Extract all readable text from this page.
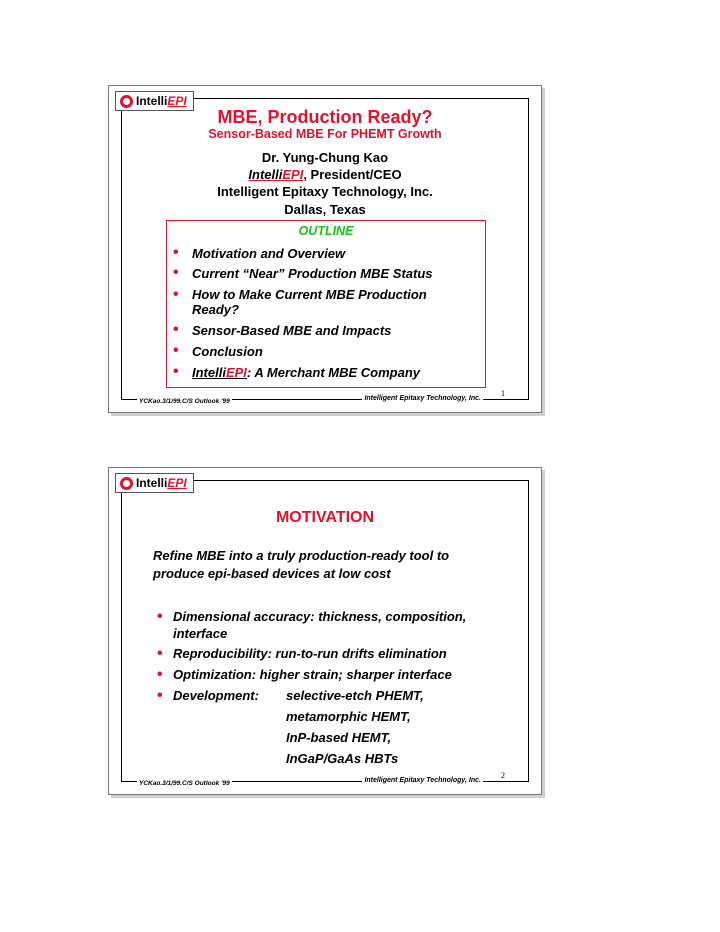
Intelli EPI
MBE, Production Ready?
Sensor-Based MBE For PHEMT Growth
Dr. Yung-Chung Kao
IntelliEPI, President/CEO
Intelligent Epitaxy Technology, Inc.
Dallas, Texas
OUTLINE
• Motivation and Overview
• Current “Near” Production MBE Status
• How to Make Current MBE Production Ready?
• Sensor-Based MBE and Impacts
• Conclusion
• IntelliEPI: A Merchant MBE Company
YCKao.3/1/99.C/S Outlook '99	Intelligent Epitaxy Technology, Inc.
1
Intelli EPI
MOTIVATION
Refine MBE into a truly production-ready tool to
produce epi-based devices at low cost
• Dimensional accuracy: thickness, composition,
interface
• Reproducibility: run-to-run drifts elimination
• Optimization: higher strain; sharper interface
• Development: selective-etch PHEMT,
metamorphic HEMT,
InP-based HEMT,
InGaP/GaAs HBTs
YCKao.3/1/99.C/S Outlook '99	Intelligent Epitaxy Technology, Inc.
2
